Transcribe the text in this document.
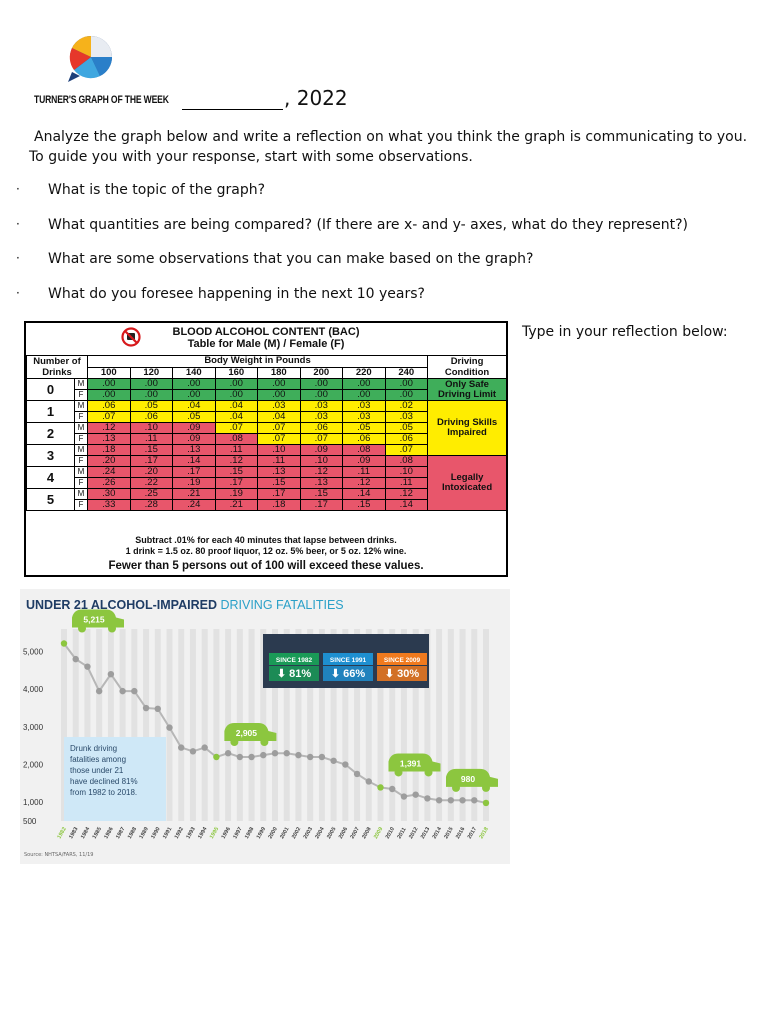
TURNER'S GRAPH OF THE WEEK	, 2022
Analyze the graph below and write a reflection on what you think the graph is communicating to you.
To guide you with your response, start with some observations.
· What is the topic of the graph?
· What quantities are being compared? (If there are x- and y- axes, what do they represent?)
· What are some observations that you can make based on the graph?
· What do you foresee happening in the next 10 years?
BLOOD ALCOHOL CONTENT (BAC)
Table for Male (M) / Female (F)
Number of Drinks		Body Weight in Pounds								Driving Condition
		100	120	140	160	180	200	220	240	
0	M	.00	.00	.00	.00	.00	.00	.00	.00	Only Safe Driving Limit
	F	.00	.00	.00	.00	.00	.00	.00	.00	
1	M	.06	.05	.04	.04	.03	.03	.03	.02	Driving Skills Impaired
	F	.07	.06	.05	.04	.04	.03	.03	.03	
2	M	.12	.10	.09	.07	.07	.06	.05	.05	
	F	.13	.11	.09	.08	.07	.07	.06	.06	
3	M	.18	.15	.13	.11	.10	.09	.08	.07	
	F	.20	.17	.14	.12	.11	.10	.09	.08	Legally Intoxicated
4	M	.24	.20	.17	.15	.13	.12	.11	.10	
	F	.26	.22	.19	.17	.15	.13	.12	.11	
5	M	.30	.25	.21	.19	.17	.15	.14	.12	
	F	.33	.28	.24	.21	.18	.17	.15	.14	
Subtract .01% for each 40 minutes that lapse between drinks.
1 drink = 1.5 oz. 80 proof liquor, 12 oz. 5% beer, or 5 oz. 12% wine.
Fewer than 5 persons out of 100 will exceed these values.
Type in your reflection below:
5,000
4,000
3,000
2,000
1,000
500
1982 1983 1984 1985 1986 1987 1988 1989 1990 1991 1992 1993 1994 1995 1996 1997 1998 1999 2000 2001 2002 2003 2004 2005 2006 2007 2008 2009 2010 2011 2012 2013 2014 2015 2016 2017 2018
5,215
2,905
1,391
980
SINCE 1982
⬇ 81%
SINCE 1991
⬇ 66%
SINCE 2009
⬇ 30%
Drunk driving
fatalities among
those under 21
have declined 81%
from 1982 to 2018.
UNDER 21 ALCOHOL-IMPAIRED DRIVING FATALITIES
Source: NHTSA/FARS, 11/19
